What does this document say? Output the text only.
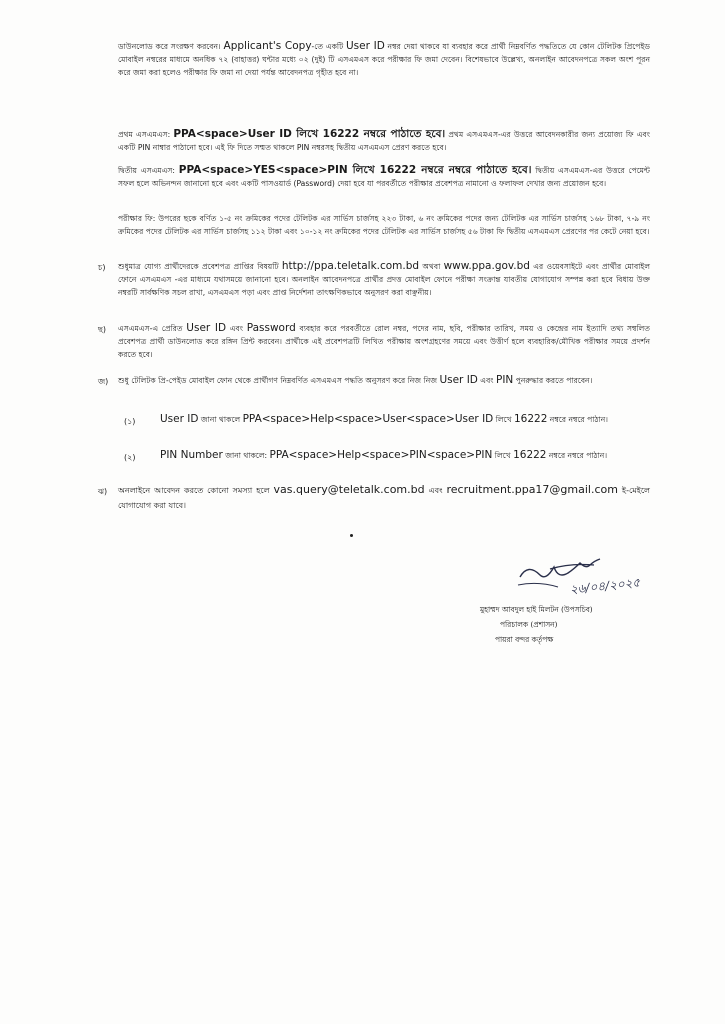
ডাউনলোড করে সংরক্ষণ করবেন। Applicant's Copy-তে একটি User ID নম্বর দেয়া থাকবে যা ব্যবহার করে প্রার্থী নিম্নবর্ণিত পদ্ধতিতে যে কোন টেলিটক প্রিপেইড মোবাইল নম্বরের মাধ্যমে অনধিক ৭২ (বাহাত্তর) ঘন্টার মধ্যে ০২ (দুই) টি এসএমএস করে পরীক্ষার ফি জমা দেবেন। বিশেষভাবে উল্লেখ্য, অনলাইন আবেদনপত্রে সকল অংশ পূরন করে জমা করা হলেও পরীক্ষার ফি জমা না দেয়া পর্যন্ত আবেদনপত্র গৃহীত হবে না।
প্রথম এসএমএস: PPA<space>User ID লিখে 16222 নম্বরে পাঠাতে হবে। প্রথম এসএমএস-এর উত্তরে আবেদনকারীর জন্য প্রয়োজ্য ফি এবং একটি PIN নাম্বার পাঠানো হবে। এই ফি দিতে সম্মত থাকলে PIN নম্বরসহ দ্বিতীয় এসএমএস প্রেরণ করতে হবে।
দ্বিতীয় এসএমএস: PPA<space>YES<space>PIN লিখে 16222 নম্বরে নম্বরে পাঠাতে হবে। দ্বিতীয় এসএমএস-এর উত্তরে পেমেন্ট সফল হলে অভিনন্দন জানানো হবে এবং একটি পাসওয়ার্ড (Password) দেয়া হবে যা পরবর্তীতে পরীক্ষার প্রবেশপত্র নামানো ও ফলাফল দেখার জন্য প্রয়োজন হবে।
পরীক্ষার ফি: উপরের ছকে বর্ণিত ১-৫ নং ক্রমিকের পদের টেলিটক এর সার্ভিস চার্জসহ ২২৩ টাকা, ৬ নং ক্রমিকের পদের জন্য টেলিটক এর সার্ভিস চার্জসহ ১৬৮ টাকা, ৭-৯ নং ক্রমিকের পদের টেলিটক এর সার্ভিস চার্জসহ ১১২ টাকা এবং ১০-১২ নং ক্রমিকের পদের টেলিটক এর সার্ভিস চার্জসহ ৫৬ টাকা ফি দ্বিতীয় এসএমএস প্রেরণের পর কেটে নেয়া হবে।
চ) শুধুমাত্র যোগ্য প্রার্থীদেরকে প্রবেশপত্র প্রাপ্তির বিষয়টি http://ppa.teletalk.com.bd অথবা www.ppa.gov.bd এর ওয়েবসাইটে এবং প্রার্থীর মোবাইল ফোনে এসএমএস -এর মাধ্যমে যথাসময়ে জানানো হবে। অনলাইন আবেদনপত্রে প্রার্থীর প্রদত্ত মোবাইল ফোনে পরীক্ষা সংক্রান্ত যাবতীয় যোগাযোগ সম্পন্ন করা হবে বিধায় উক্ত নম্বরটি সার্বক্ষণিক সচল রাখা, এসএমএস পড়া এবং প্রাপ্ত নির্দেশনা তাৎক্ষণিকভাবে অনুসরণ করা বাঞ্ছনীয়।
ছ) এসএমএস-এ প্রেরিত User ID এবং Password ব্যবহার করে পরবর্তীতে রোল নম্বর, পদের নাম, ছবি, পরীক্ষার তারিখ, সময় ও কেন্দ্রের নাম ইত্যাদি তথ্য সম্বলিত প্রবেশপত্র প্রার্থী ডাউনলোড করে রঙ্গিন প্রিন্ট করবেন। প্রার্থীকে এই প্রবেশপত্রটি লিখিত পরীক্ষায় অংশগ্রহণের সময়ে এবং উত্তীর্ণ হলে ব্যবহারিক/মৌখিক পরীক্ষার সময়ে প্রদর্শন করতে হবে।
জ) শুধু টেলিটক প্রি-পেইড মোবাইল ফোন থেকে প্রার্থীগণ নিম্নবর্ণিত এসএমএস পদ্ধতি অনুসরণ করে নিজ নিজ User ID এবং PIN পুনরুদ্ধার করতে পারবেন।
(১) User ID জানা থাকলে PPA<space>Help<space>User<space>User ID লিখে 16222 নম্বরে নম্বরে পাঠান।
(২) PIN Number জানা থাকলে: PPA<space>Help<space>PIN<space>PIN লিখে 16222 নম্বরে নম্বরে পাঠান।
ঝ) অনলাইনে আবেদন করতে কোনো সমস্যা হলে vas.query@teletalk.com.bd এবং recruitment.ppa17@gmail.com ই-মেইলে যোগাযোগ করা যাবে।
২৬/০৪/২০২৫
মুহাম্মদ আবদুল হাই মিলটন (উপসচিব)
পরিচালক (প্রশাসন)
পায়রা বন্দর কর্তৃপক্ষ
